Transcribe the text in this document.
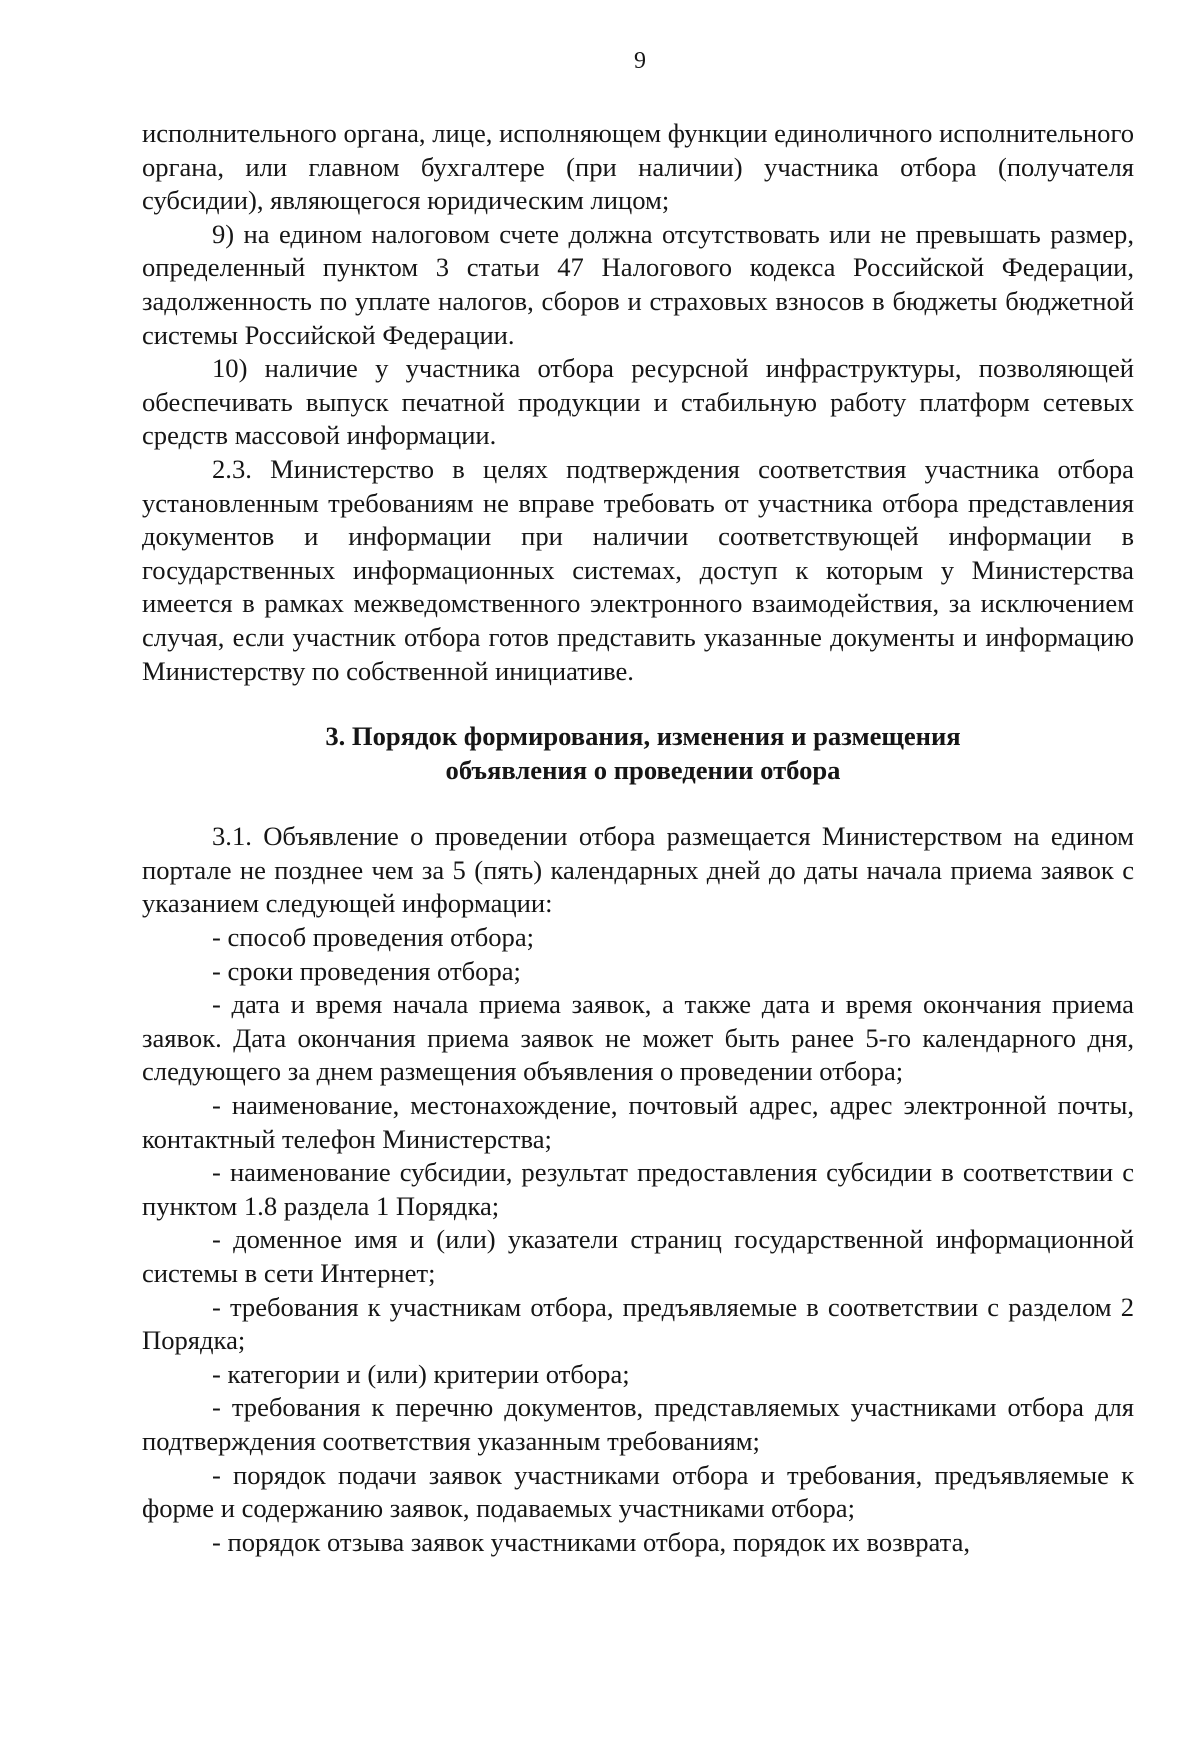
9

исполнительного органа, лице, исполняющем функции единоличного исполнительного органа, или главном бухгалтере (при наличии) участника отбора (получателя субсидии), являющегося юридическим лицом;

9) на едином налоговом счете должна отсутствовать или не превышать размер, определенный пунктом 3 статьи 47 Налогового кодекса Российской Федерации, задолженность по уплате налогов, сборов и страховых взносов в бюджеты бюджетной системы Российской Федерации.

10) наличие у участника отбора ресурсной инфраструктуры, позволяющей обеспечивать выпуск печатной продукции и стабильную работу платформ сетевых средств массовой информации.

2.3. Министерство в целях подтверждения соответствия участника отбора установленным требованиям не вправе требовать от участника отбора представления документов и информации при наличии соответствующей информации в государственных информационных системах, доступ к которым у Министерства имеется в рамках межведомственного электронного взаимодействия, за исключением случая, если участник отбора готов представить указанные документы и информацию Министерству по собственной инициативе.

3. Порядок формирования, изменения и размещения
объявления о проведении отбора

3.1. Объявление о проведении отбора размещается Министерством на едином портале не позднее чем за 5 (пять) календарных дней до даты начала приема заявок с указанием следующей информации:

- способ проведения отбора;

- сроки проведения отбора;

- дата и время начала приема заявок, а также дата и время окончания приема заявок. Дата окончания приема заявок не может быть ранее 5-го календарного дня, следующего за днем размещения объявления о проведении отбора;

- наименование, местонахождение, почтовый адрес, адрес электронной почты, контактный телефон Министерства;

- наименование субсидии, результат предоставления субсидии в соответствии с пунктом 1.8 раздела 1 Порядка;

- доменное имя и (или) указатели страниц государственной информационной системы в сети Интернет;

- требования к участникам отбора, предъявляемые в соответствии с разделом 2 Порядка;

- категории и (или) критерии отбора;

- требования к перечню документов, представляемых участниками отбора для подтверждения соответствия указанным требованиям;

- порядок подачи заявок участниками отбора и требования, предъявляемые к форме и содержанию заявок, подаваемых участниками отбора;

- порядок отзыва заявок участниками отбора, порядок их возврата,
